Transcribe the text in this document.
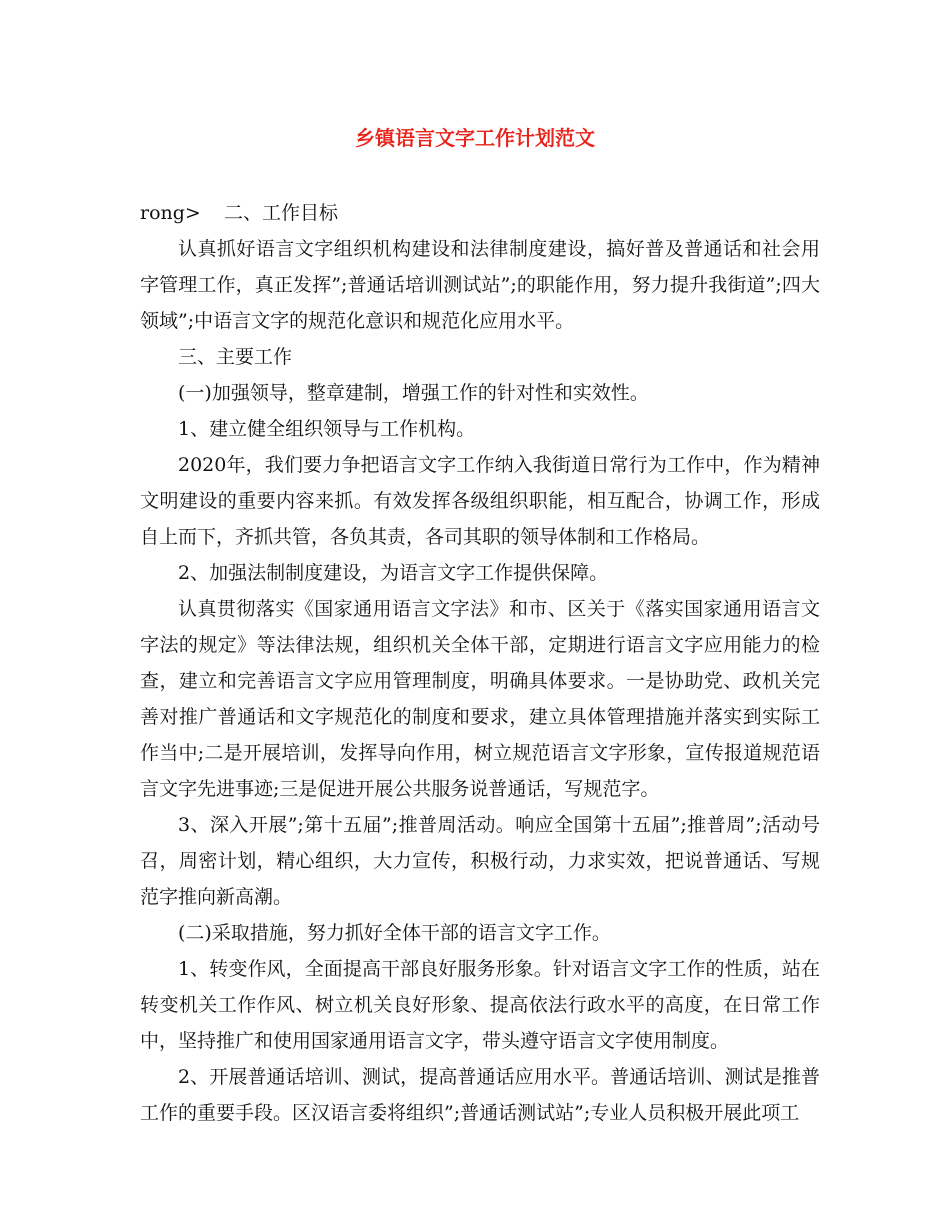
乡镇语言文字工作计划范文

rong> 二、工作目标

认真抓好语言文字组织机构建设和法律制度建设，搞好普及普通话和社会用字管理工作，真正发挥”;普通话培训测试站”;的职能作用，努力提升我街道”;四大领域”;中语言文字的规范化意识和规范化应用水平。

三、主要工作

(一)加强领导，整章建制，增强工作的针对性和实效性。

1、建立健全组织领导与工作机构。

2020年，我们要力争把语言文字工作纳入我街道日常行为工作中，作为精神文明建设的重要内容来抓。有效发挥各级组织职能，相互配合，协调工作，形成自上而下，齐抓共管，各负其责，各司其职的领导体制和工作格局。

2、加强法制制度建设，为语言文字工作提供保障。

认真贯彻落实《国家通用语言文字法》和市、区关于《落实国家通用语言文字法的规定》等法律法规，组织机关全体干部，定期进行语言文字应用能力的检查，建立和完善语言文字应用管理制度，明确具体要求。一是协助党、政机关完善对推广普通话和文字规范化的制度和要求，建立具体管理措施并落实到实际工作当中;二是开展培训，发挥导向作用，树立规范语言文字形象，宣传报道规范语言文字先进事迹;三是促进开展公共服务说普通话，写规范字。

3、深入开展”;第十五届”;推普周活动。响应全国第十五届”;推普周”;活动号召，周密计划，精心组织，大力宣传，积极行动，力求实效，把说普通话、写规范字推向新高潮。

(二)采取措施，努力抓好全体干部的语言文字工作。

1、转变作风，全面提高干部良好服务形象。针对语言文字工作的性质，站在转变机关工作作风、树立机关良好形象、提高依法行政水平的高度，在日常工作中，坚持推广和使用国家通用语言文字，带头遵守语言文字使用制度。

2、开展普通话培训、测试，提高普通话应用水平。普通话培训、测试是推普工作的重要手段。区汉语言委将组织”;普通话测试站”;专业人员积极开展此项工
